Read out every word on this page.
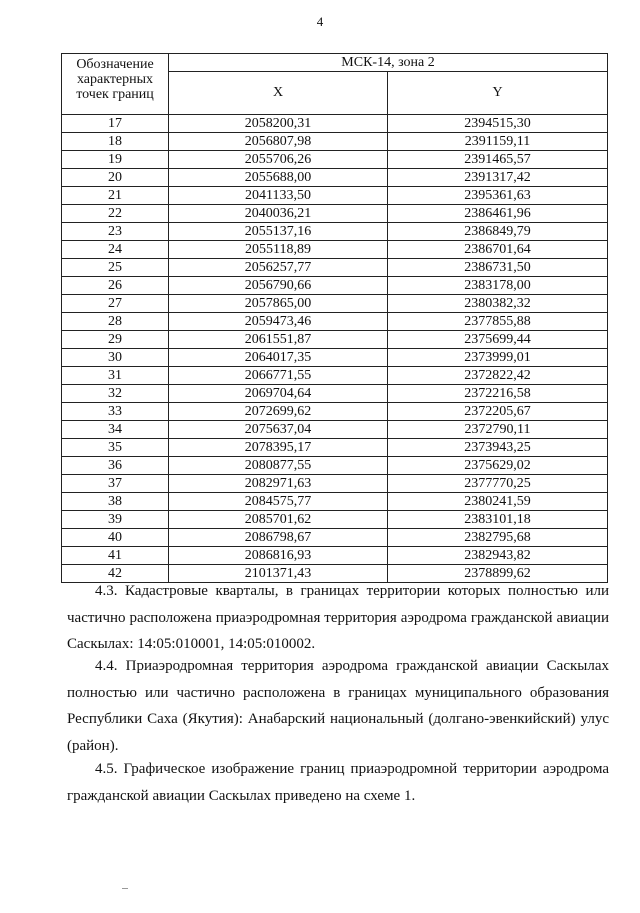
4
Обозначение характерных точек границ	МСК-14, зона 2	
	X	Y
17	2058200,31	2394515,30
18	2056807,98	2391159,11
19	2055706,26	2391465,57
20	2055688,00	2391317,42
21	2041133,50	2395361,63
22	2040036,21	2386461,96
23	2055137,16	2386849,79
24	2055118,89	2386701,64
25	2056257,77	2386731,50
26	2056790,66	2383178,00
27	2057865,00	2380382,32
28	2059473,46	2377855,88
29	2061551,87	2375699,44
30	2064017,35	2373999,01
31	2066771,55	2372822,42
32	2069704,64	2372216,58
33	2072699,62	2372205,67
34	2075637,04	2372790,11
35	2078395,17	2373943,25
36	2080877,55	2375629,02
37	2082971,63	2377770,25
38	2084575,77	2380241,59
39	2085701,62	2383101,18
40	2086798,67	2382795,68
41	2086816,93	2382943,82
42	2101371,43	2378899,62

4.3. Кадастровые кварталы, в границах территории которых полностью или частично расположена приаэродромная территория аэродрома гражданской авиации Саскылах: 14:05:010001, 14:05:010002.

4.4. Приаэродромная территория аэродрома гражданской авиации Саскылах полностью или частично расположена в границах муниципального образования Республики Саха (Якутия): Анабарский национальный (долгано-эвенкийский) улус (район).

4.5. Графическое изображение границ приаэродромной территории аэродрома гражданской авиации Саскылах приведено на схеме 1.
